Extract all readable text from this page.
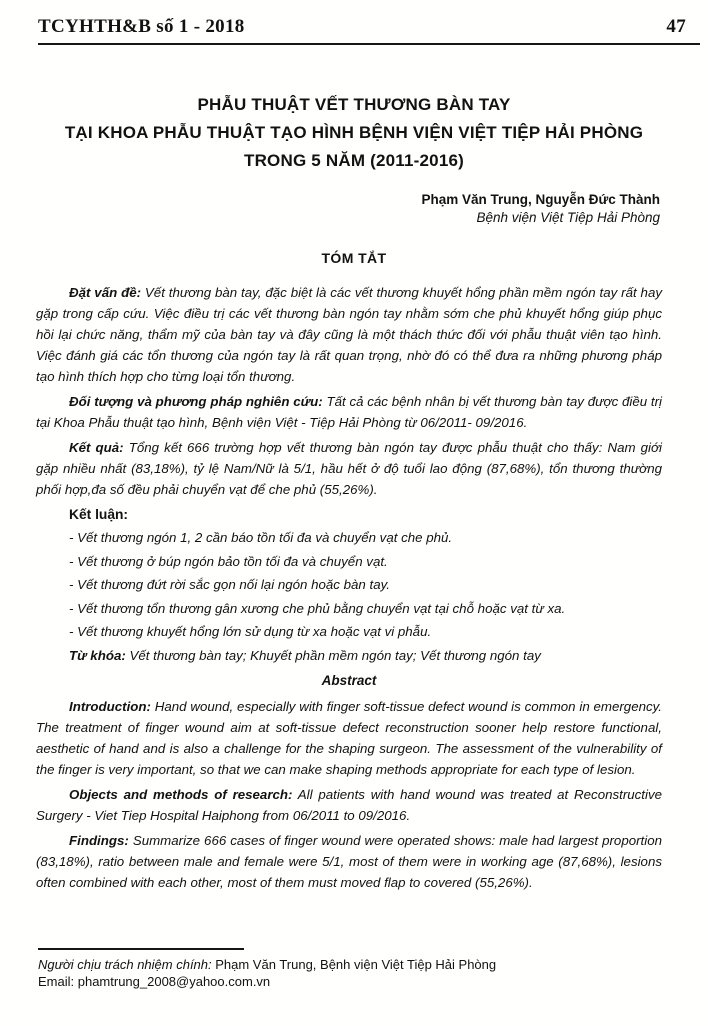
TCYHTH&B số 1 - 2018	47
PHẪU THUẬT VẾT THƯƠNG BÀN TAY
TẠI KHOA PHẪU THUẬT TẠO HÌNH BỆNH VIỆN VIỆT TIỆP HẢI PHÒNG
TRONG 5 NĂM (2011-2016)
Phạm Văn Trung, Nguyễn Đức Thành
Bệnh viện Việt Tiệp Hải Phòng
TÓM TẮT

Đặt vấn đề: Vết thương bàn tay, đặc biệt là các vết thương khuyết hổng phần mềm ngón tay rất hay gặp trong cấp cứu. Việc điều trị các vết thương bàn ngón tay nhằm sớm che phủ khuyết hổng giúp phục hồi lại chức năng, thẩm mỹ của bàn tay và đây cũng là một thách thức đối với phẫu thuật viên tạo hình. Việc đánh giá các tổn thương của ngón tay là rất quan trọng, nhờ đó có thể đưa ra những phương pháp tạo hình thích hợp cho từng loại tổn thương.

Đối tượng và phương pháp nghiên cứu: Tất cả các bệnh nhân bị vết thương bàn tay được điều trị tại Khoa Phẫu thuật tạo hình, Bệnh viện Việt - Tiệp Hải Phòng từ 06/2011- 09/2016.

Kết quả: Tổng kết 666 trường hợp vết thương bàn ngón tay được phẫu thuật cho thấy: Nam giới gặp nhiều nhất (83,18%), tỷ lệ Nam/Nữ là 5/1, hầu hết ở độ tuổi lao động (87,68%), tổn thương thường phối hợp,đa số đều phải chuyển vạt để che phủ (55,26%).

Kết luận:

- Vết thương ngón 1, 2 cần báo tồn tối đa và chuyển vạt che phủ.

- Vết thương ở búp ngón bảo tồn tối đa và chuyển vạt.

- Vết thương đứt rời sắc gọn nối lại ngón hoặc bàn tay.

- Vết thương tổn thương gân xương che phủ bằng chuyển vạt tại chỗ hoặc vạt từ xa.

- Vết thương khuyết hổng lớn sử dụng từ xa hoặc vạt vi phẫu.

Từ khóa: Vết thương bàn tay; Khuyết phần mềm ngón tay; Vết thương ngón tay

Abstract

Introduction: Hand wound, especially with finger soft-tissue defect wound is common in emergency. The treatment of finger wound aim at soft-tissue defect reconstruction sooner help restore functional, aesthetic of hand and is also a challenge for the shaping surgeon. The assessment of the vulnerability of the finger is very important, so that we can make shaping methods appropriate for each type of lesion.

Objects and methods of research: All patients with hand wound was treated at Reconstructive Surgery - Viet Tiep Hospital Haiphong from 06/2011 to 09/2016.

Findings: Summarize 666 cases of finger wound were operated shows: male had largest proportion (83,18%), ratio between male and female were 5/1, most of them were in working age (87,68%), lesions often combined with each other, most of them must moved flap to covered (55,26%).

Người chịu trách nhiệm chính: Phạm Văn Trung, Bệnh viện Việt Tiệp Hải Phòng
Email: phamtrung_2008@yahoo.com.vn
